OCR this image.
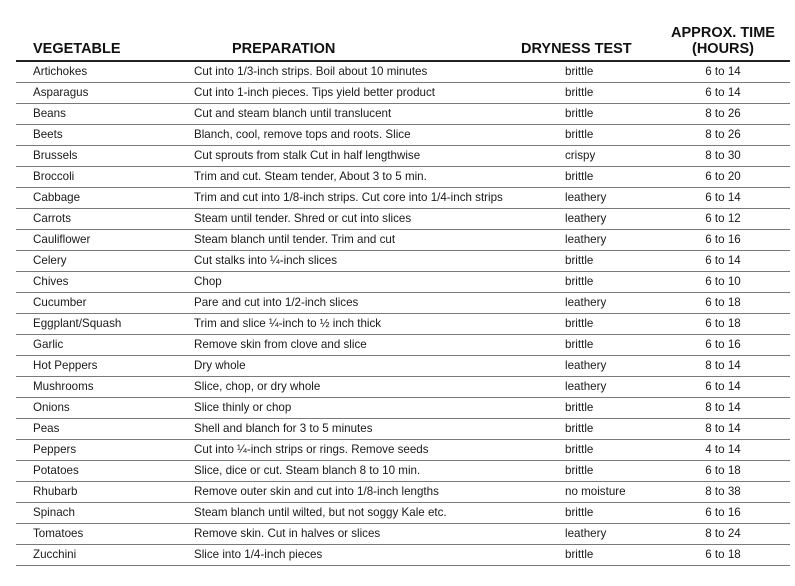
VEGETABLE	PREPARATION	DRYNESS TEST
APPROX. TIME
(HOURS)
Artichokes	Cut into 1/3-inch strips. Boil about 10 minutes	brittle	6 to 14
Asparagus	Cut into 1-inch pieces. Tips yield better product	brittle	6 to 14
Beans	Cut and steam blanch until translucent	brittle	8 to 26
Beets	Blanch, cool, remove tops and roots. Slice	brittle	8 to 26
Brussels	Cut sprouts from stalk Cut in half lengthwise	crispy	8 to 30
Broccoli	Trim and cut. Steam tender, About 3 to 5 min.	brittle	6 to 20
Cabbage	Trim and cut into 1/8-inch strips. Cut core into 1/4-inch strips	leathery	6 to 14
Carrots	Steam until tender. Shred or cut into slices	leathery	6 to 12
Cauliflower	Steam blanch until tender. Trim and cut	leathery	6 to 16
Celery	Cut stalks into ¼-inch slices	brittle	6 to 14
Chives	Chop	brittle	6 to 10
Cucumber	Pare and cut into 1/2-inch slices	leathery	6 to 18
Eggplant/Squash	Trim and slice ¼-inch to ½ inch thick	brittle	6 to 18
Garlic	Remove skin from clove and slice	brittle	6 to 16
Hot Peppers	Dry whole	leathery	8 to 14
Mushrooms	Slice, chop, or dry whole	leathery	6 to 14
Onions	Slice thinly or chop	brittle	8 to 14
Peas	Shell and blanch for 3 to 5 minutes	brittle	8 to 14
Peppers	Cut into ¼-inch strips or rings. Remove seeds	brittle	4 to 14
Potatoes	Slice, dice or cut. Steam blanch 8 to 10 min.	brittle	6 to 18
Rhubarb	Remove outer skin and cut into 1/8-inch lengths	no moisture	8 to 38
Spinach	Steam blanch until wilted, but not soggy Kale etc.	brittle	6 to 16
Tomatoes	Remove skin. Cut in halves or slices	leathery	8 to 24
Zucchini	Slice into 1/4-inch pieces	brittle	6 to 18
